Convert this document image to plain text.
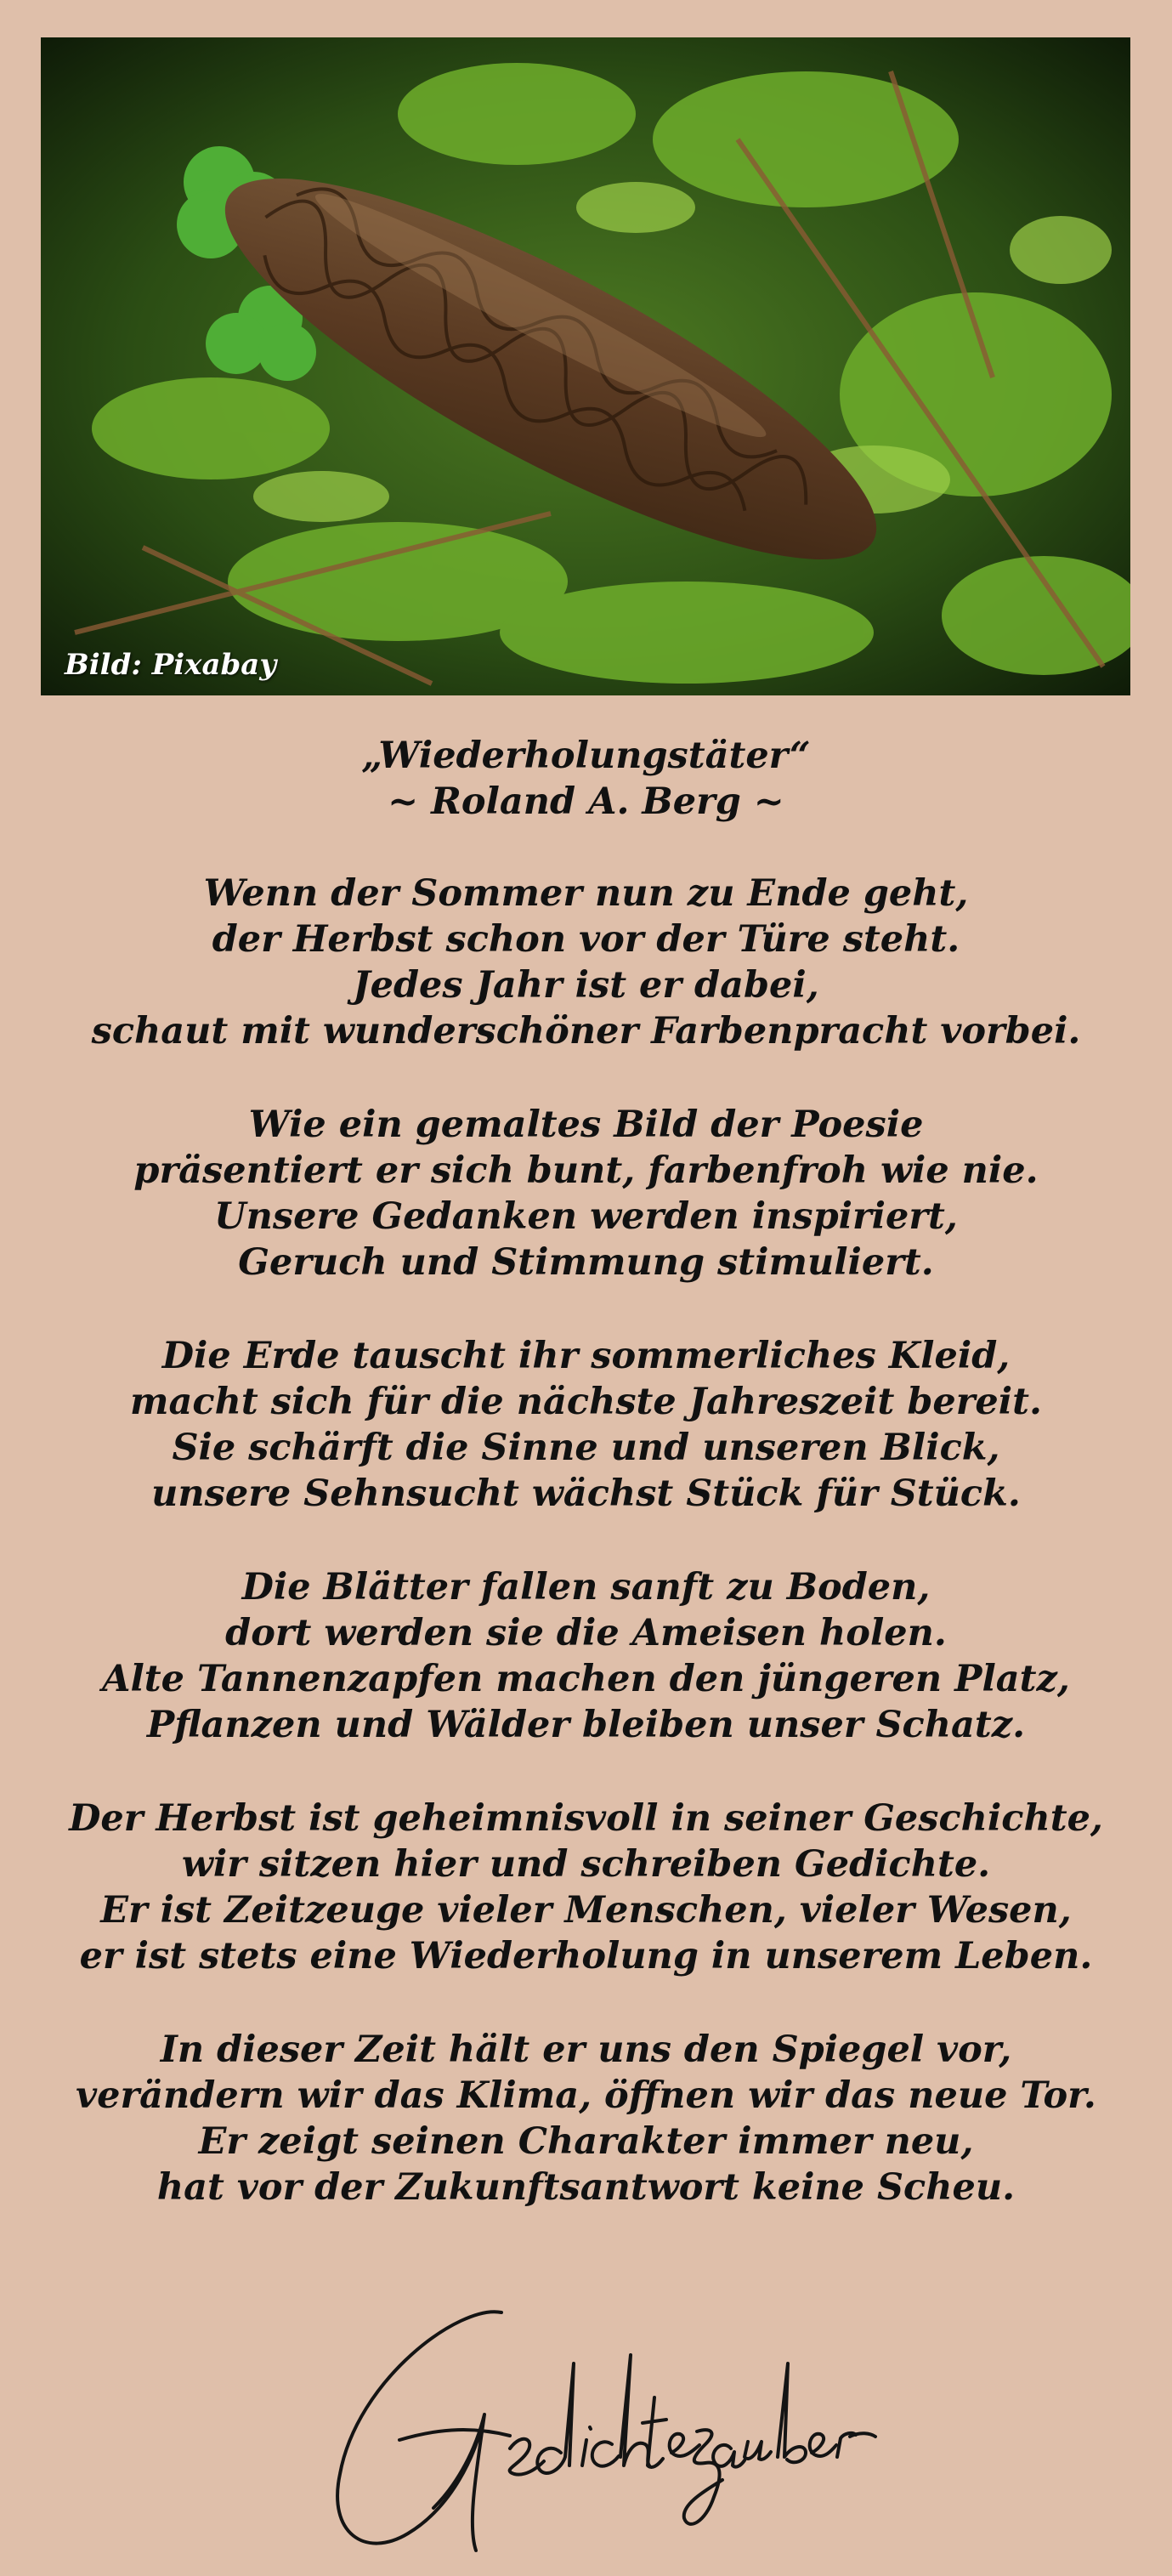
Bild: Pixabay
„Wiederholungstäter“
~ Roland A. Berg ~
Wenn der Sommer nun zu Ende geht,
der Herbst schon vor der Türe steht.
Jedes Jahr ist er dabei,
schaut mit wunderschöner Farbenpracht vorbei.
Wie ein gemaltes Bild der Poesie
präsentiert er sich bunt, farbenfroh wie nie.
Unsere Gedanken werden inspiriert,
Geruch und Stimmung stimuliert.
Die Erde tauscht ihr sommerliches Kleid,
macht sich für die nächste Jahreszeit bereit.
Sie schärft die Sinne und unseren Blick,
unsere Sehnsucht wächst Stück für Stück.
Die Blätter fallen sanft zu Boden,
dort werden sie die Ameisen holen.
Alte Tannenzapfen machen den jüngeren Platz,
Pflanzen und Wälder bleiben unser Schatz.
Der Herbst ist geheimnisvoll in seiner Geschichte,
wir sitzen hier und schreiben Gedichte.
Er ist Zeitzeuge vieler Menschen, vieler Wesen,
er ist stets eine Wiederholung in unserem Leben.
In dieser Zeit hält er uns den Spiegel vor,
verändern wir das Klima, öffnen wir das neue Tor.
Er zeigt seinen Charakter immer neu,
hat vor der Zukunftsantwort keine Scheu.
